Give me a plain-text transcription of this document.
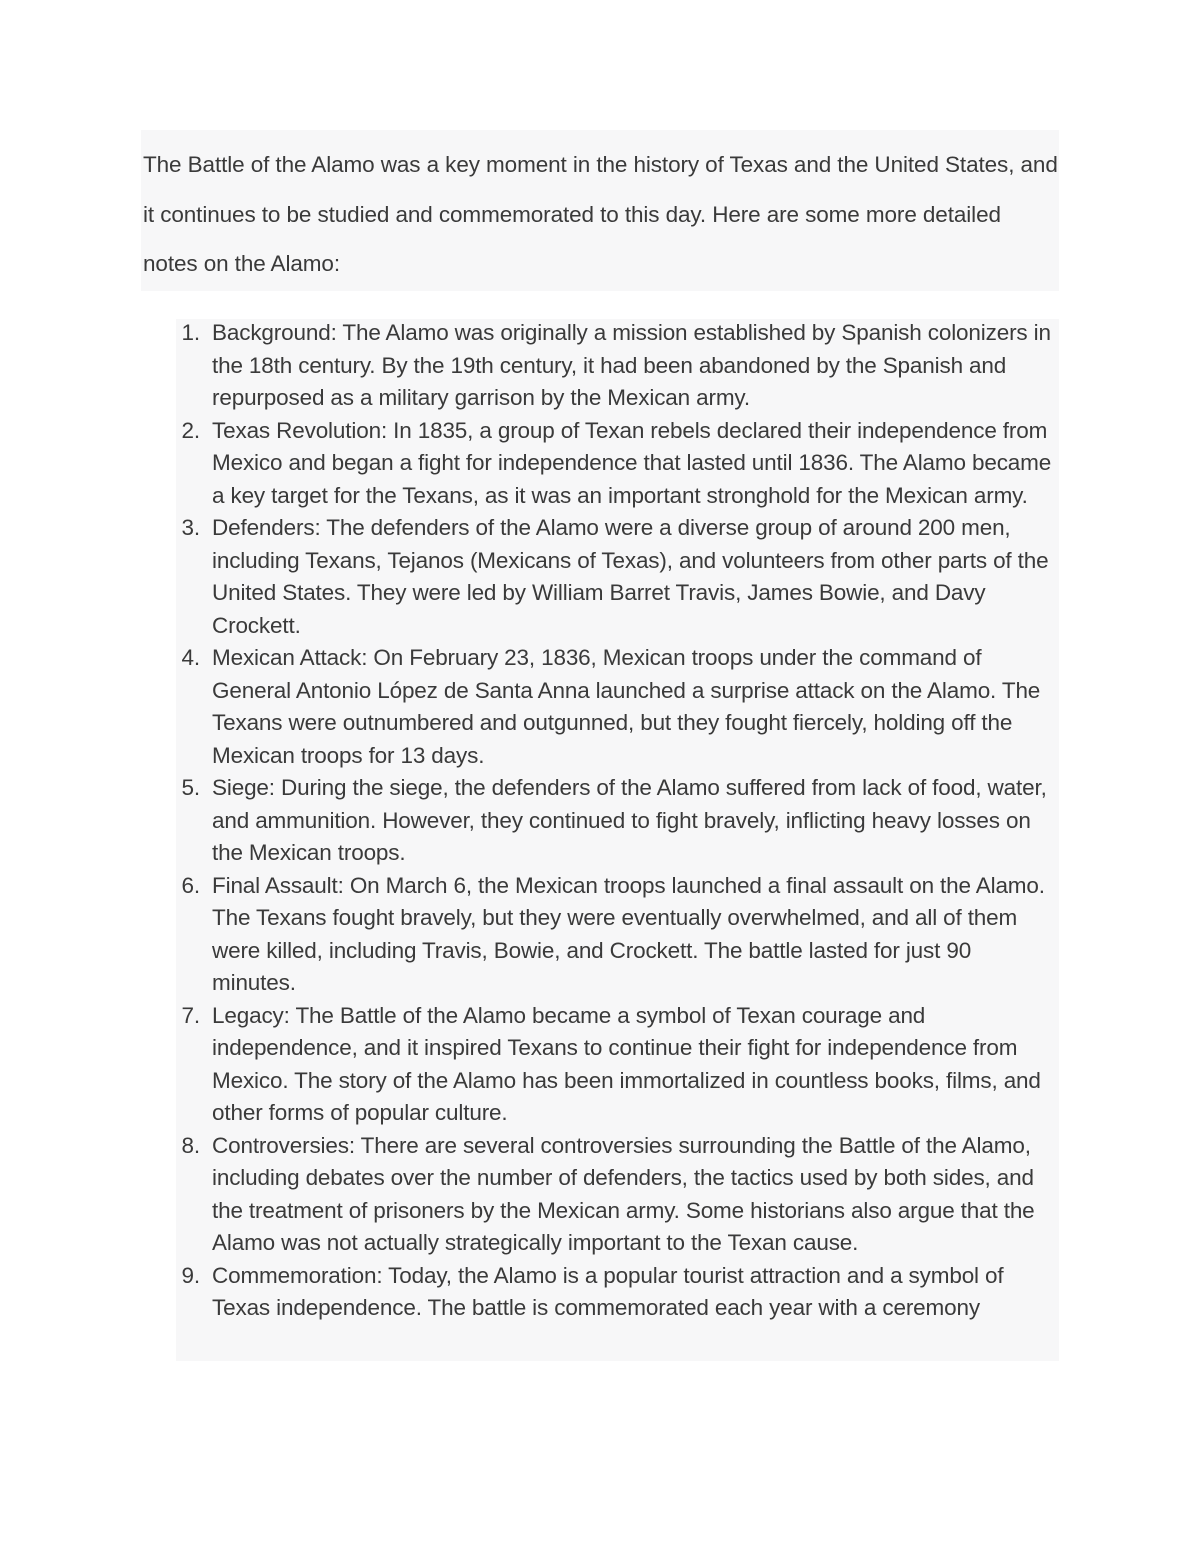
The Battle of the Alamo was a key moment in the history of Texas and the United States, and it continues to be studied and commemorated to this day. Here are some more detailed notes on the Alamo:
1. Background: The Alamo was originally a mission established by Spanish colonizers in the 18th century. By the 19th century, it had been abandoned by the Spanish and repurposed as a military garrison by the Mexican army.
2. Texas Revolution: In 1835, a group of Texan rebels declared their independence from Mexico and began a fight for independence that lasted until 1836. The Alamo became a key target for the Texans, as it was an important stronghold for the Mexican army.
3. Defenders: The defenders of the Alamo were a diverse group of around 200 men, including Texans, Tejanos (Mexicans of Texas), and volunteers from other parts of the United States. They were led by William Barret Travis, James Bowie, and Davy Crockett.
4. Mexican Attack: On February 23, 1836, Mexican troops under the command of General Antonio López de Santa Anna launched a surprise attack on the Alamo. The Texans were outnumbered and outgunned, but they fought fiercely, holding off the Mexican troops for 13 days.
5. Siege: During the siege, the defenders of the Alamo suffered from lack of food, water, and ammunition. However, they continued to fight bravely, inflicting heavy losses on the Mexican troops.
6. Final Assault: On March 6, the Mexican troops launched a final assault on the Alamo. The Texans fought bravely, but they were eventually overwhelmed, and all of them were killed, including Travis, Bowie, and Crockett. The battle lasted for just 90 minutes.
7. Legacy: The Battle of the Alamo became a symbol of Texan courage and independence, and it inspired Texans to continue their fight for independence from Mexico. The story of the Alamo has been immortalized in countless books, films, and other forms of popular culture.
8. Controversies: There are several controversies surrounding the Battle of the Alamo, including debates over the number of defenders, the tactics used by both sides, and the treatment of prisoners by the Mexican army. Some historians also argue that the Alamo was not actually strategically important to the Texan cause.
9. Commemoration: Today, the Alamo is a popular tourist attraction and a symbol of Texas independence. The battle is commemorated each year with a ceremony
